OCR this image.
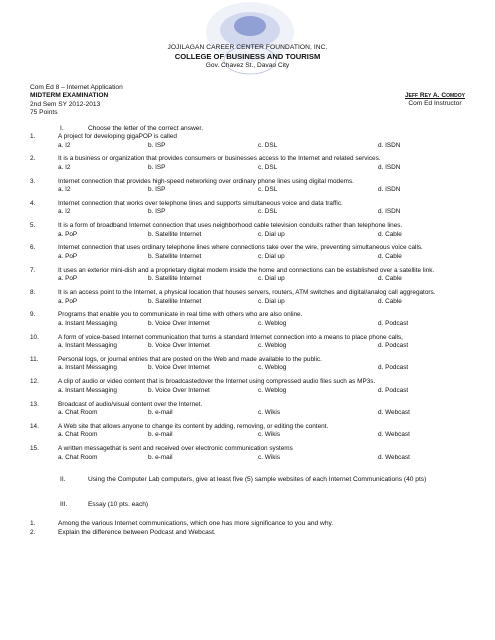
JOJILAGAN CAREER CENTER FOUNDATION, INC.
COLLEGE OF BUSINESS AND TOURISM
Gov. Chavez St., Davao City
Com Ed 8 – Internet Application
MIDTERM EXAMINATION
2nd Sem SY 2012-2013
75 Points
Jeff Rey A. Comdoy
Com Ed Instructor
I.	Choose the letter of the correct answer.
1.	A project for developing gigaPOP is called
a. I2	b. ISP	c. DSL	d. ISDN
2.	It is a business or organization that provides consumers or businesses access to the Internet and related services.
a. I2	b. ISP	c. DSL	d. ISDN
3.	Internet connection that provides high-speed networking over ordinary phone lines using digital modems.
a. I2	b. ISP	c. DSL	d. ISDN
4.	Internet connection that works over telephone lines and supports simultaneous voice and data traffic.
a. I2	b. ISP	c. DSL	d. ISDN
5.	It is a form of broadband Internet connection that uses neighborhood cable television conduits rather than telephone lines.
a. PoP	b. Satellite Internet	c. Dial up	d. Cable
6.	Internet connection that uses ordinary telephone lines where connections take over the wire, preventing simultaneous voice calls.
a. PoP	b. Satellite Internet	c. Dial up	d. Cable
7.	It uses an exterior mini-dish and a proprietary digital modem inside the home and connections can be established over a satellite link.
a. PoP	b. Satellite Internet	c. Dial up	d. Cable
8.	It is an access point to the Internet, a physical location that houses servers, routers, ATM switches and digital/analog call aggregators.
a. PoP	b. Satellite Internet	c. Dial up	d. Cable
9.	Programs that enable you to communicate in real time with others who are also online.
a. Instant Messaging	b. Voice Over Internet	c. Weblog	d. Podcast
10.	A form of voice-based Internet communication that turns a standard Internet connection into a means to place phone calls,
a. Instant Messaging	b. Voice Over Internet	c. Weblog	d. Podcast
11.	Personal logs, or journal entries that are posted on the Web and made available to the public.
a. Instant Messaging	b. Voice Over Internet	c. Weblog	d. Podcast
12.	A clip of audio or video content that is broadcastedover the Internet using compressed audio files such as MP3s.
a. Instant Messaging	b. Voice Over Internet	c. Weblog	d. Podcast
13.	Broadcast of audio/visual content over the Internet.
a. Chat Room	b. e-mail	c. Wikis	d. Webcast
14.	A Web site that allows anyone to change its content by adding, removing, or editing the content.
a. Chat Room	b. e-mail	c. Wikis	d. Webcast
15.	A written messagethat is sent and received over electronic communication systems
a. Chat Room	b. e-mail	c. Wikis	d. Webcast
II.	Using the Computer Lab computers, give at least five (5) sample websites of each Internet Communications (40 pts)
III.	Essay (10 pts. each)
1.	Among the various Internet communications, which one has more significance to you and why.
2.	Explain the difference between Podcast and Webcast.
